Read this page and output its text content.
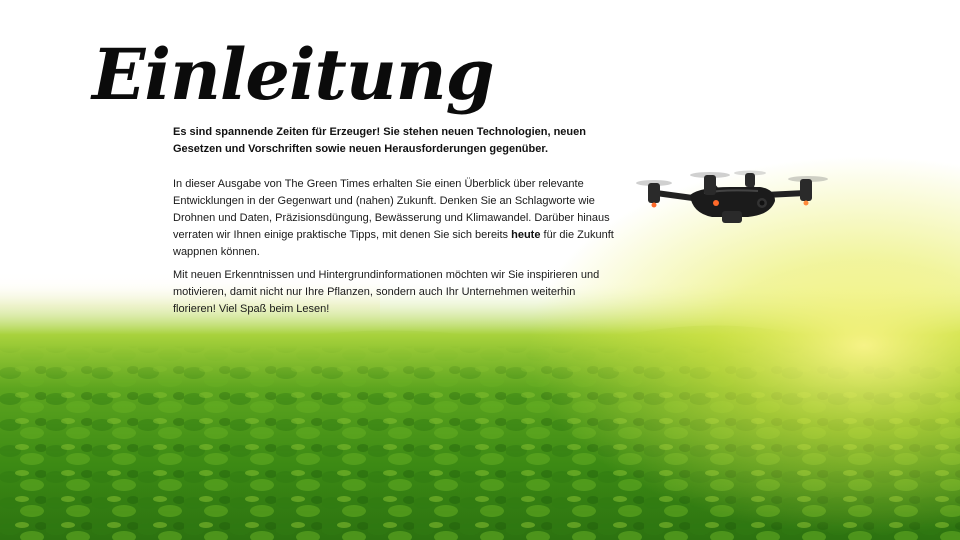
Einleitung

Es sind spannende Zeiten für Erzeuger! Sie stehen neuen Technologien, neuen Gesetzen und Vorschriften sowie neuen Herausforderungen gegenüber.

In dieser Ausgabe von The Green Times erhalten Sie einen Überblick über relevante Entwicklungen in der Gegenwart und (nahen) Zukunft. Denken Sie an Schlagworte wie Drohnen und Daten, Präzisionsdüngung, Bewässerung und Klimawandel. Darüber hinaus verraten wir Ihnen einige praktische Tipps, mit denen Sie sich bereits heute für die Zukunft wappnen können.

Mit neuen Erkenntnissen und Hintergrundinformationen möchten wir Sie inspirieren und motivieren, damit nicht nur Ihre Pflanzen, sondern auch Ihr Unternehmen weiterhin florieren! Viel Spaß beim Lesen!
